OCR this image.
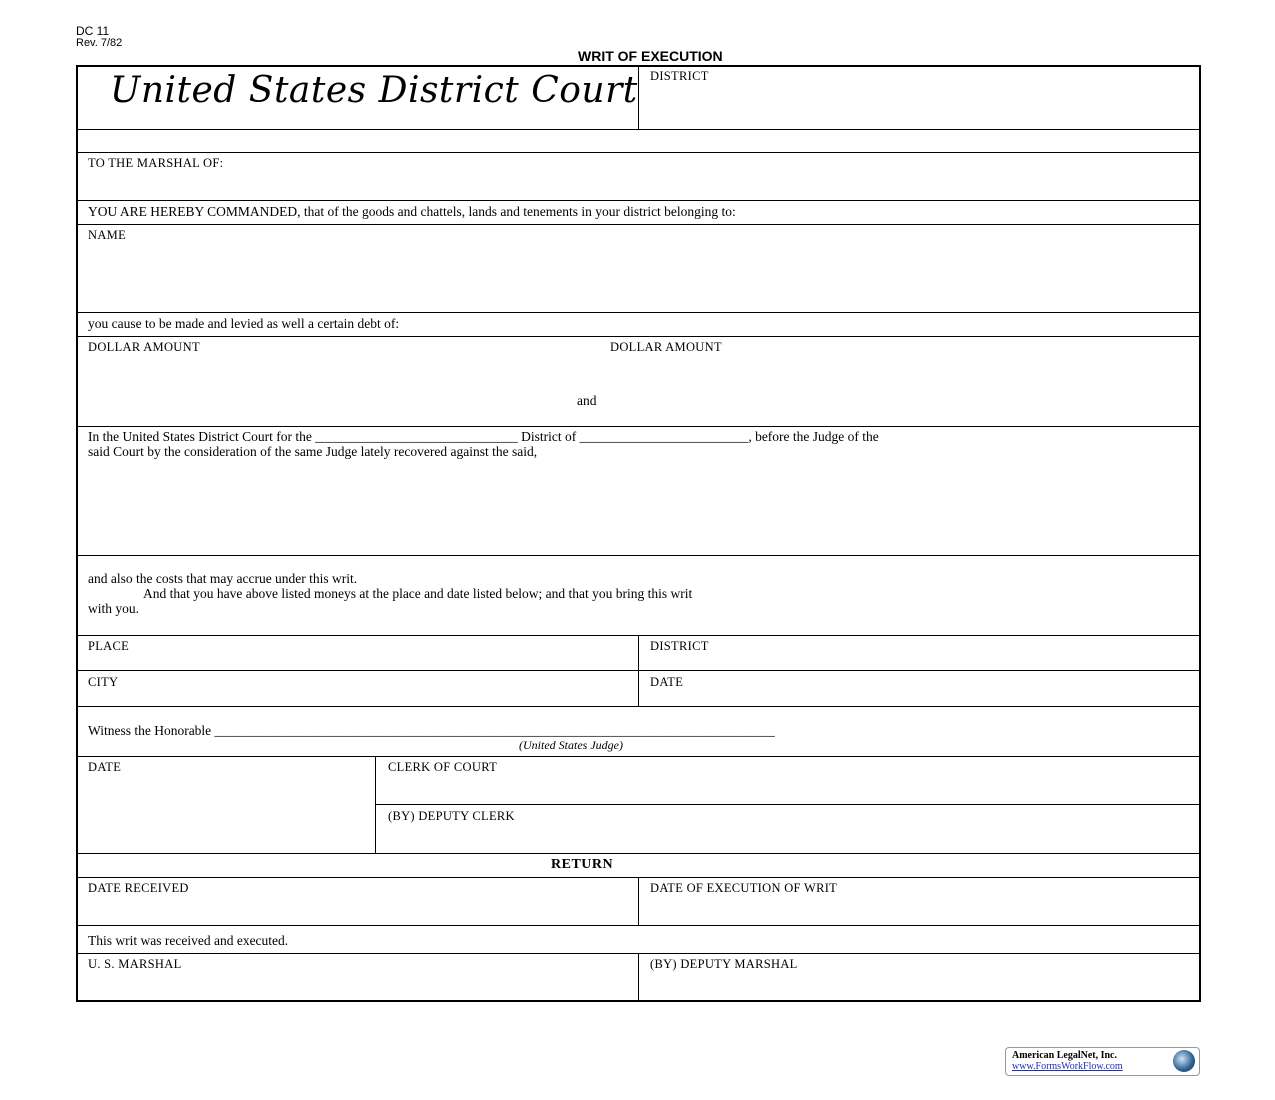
DC 11
Rev. 7/82
WRIT OF EXECUTION
United States District Court DISTRICT
TO THE MARSHAL OF:
YOU ARE HEREBY COMMANDED, that of the goods and chattels, lands and tenements in your district belonging to:
NAME
you cause to be made and levied as well a certain debt of:
DOLLAR AMOUNT	DOLLAR AMOUNT
and
In the United States District Court for the ______________________________ District of _________________________, before the Judge of the
said Court by the consideration of the same Judge lately recovered against the said,
and also the costs that may accrue under this writ.
And that you have above listed moneys at the place and date listed below; and that you bring this writ
with you.
PLACE	DISTRICT
CITY	DATE
Witness the Honorable ___________________________________________________________________________________
(United States Judge)
DATE	CLERK OF COURT
(BY) DEPUTY CLERK
RETURN
DATE RECEIVED	DATE OF EXECUTION OF WRIT
This writ was received and executed.
U. S. MARSHAL	(BY) DEPUTY MARSHAL
American LegalNet, Inc.
www.FormsWorkFlow.com
